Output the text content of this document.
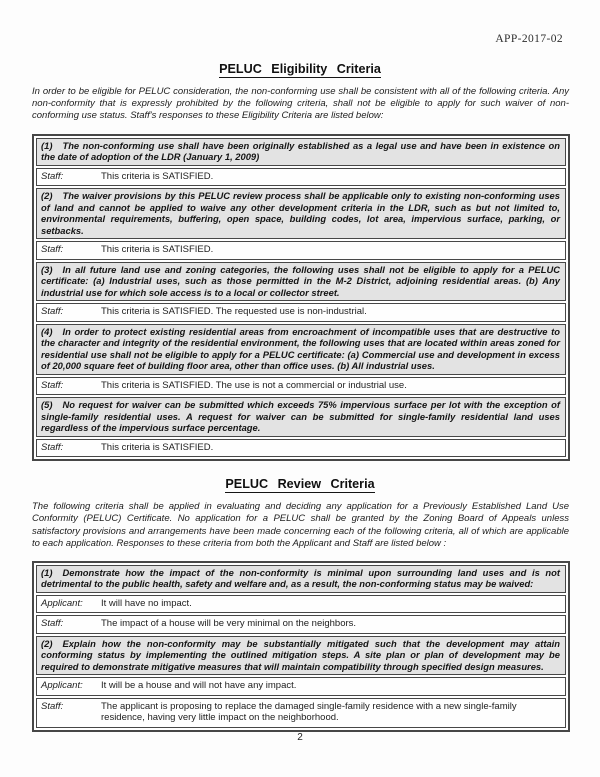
APP-2017-02
PELUC Eligibility Criteria

In order to be eligible for PELUC consideration, the non-conforming use shall be consistent with all of the following criteria. Any non-conformity that is expressly prohibited by the following criteria, shall not be eligible to apply for such waiver of non-conforming use status. Staff's responses to these Eligibility Criteria are listed below:

(1) The non-conforming use shall have been originally established as a legal use and have been in existence on the date of adoption of the LDR (January 1, 2009)
Staff:	This criteria is SATISFIED.
(2) The waiver provisions by this PELUC review process shall be applicable only to existing non-conforming uses of land and cannot be applied to waive any other development criteria in the LDR, such as but not limited to, environmental requirements, buffering, open space, building codes, lot area, impervious surface, parking, or setbacks.
Staff:	This criteria is SATISFIED.
(3) In all future land use and zoning categories, the following uses shall not be eligible to apply for a PELUC certificate: (a) Industrial uses, such as those permitted in the M-2 District, adjoining residential areas. (b) Any industrial use for which sole access is to a local or collector street.
Staff:	This criteria is SATISFIED. The requested use is non-industrial.
(4) In order to protect existing residential areas from encroachment of incompatible uses that are destructive to the character and integrity of the residential environment, the following uses that are located within areas zoned for residential use shall not be eligible to apply for a PELUC certificate: (a) Commercial use and development in excess of 20,000 square feet of building floor area, other than office uses. (b) All industrial uses.
Staff:	This criteria is SATISFIED. The use is not a commercial or industrial use.
(5) No request for waiver can be submitted which exceeds 75% impervious surface per lot with the exception of single-family residential uses. A request for waiver can be submitted for single-family residential land uses regardless of the impervious surface percentage.
Staff:	This criteria is SATISFIED.
PELUC Review Criteria

The following criteria shall be applied in evaluating and deciding any application for a Previously Established Land Use Conformity (PELUC) Certificate. No application for a PELUC shall be granted by the Zoning Board of Appeals unless satisfactory provisions and arrangements have been made concerning each of the following criteria, all of which are applicable to each application. Responses to these criteria from both the Applicant and Staff are listed below :

(1) Demonstrate how the impact of the non-conformity is minimal upon surrounding land uses and is not detrimental to the public health, safety and welfare and, as a result, the non-conforming status may be waived:
Applicant:	It will have no impact.
Staff:	The impact of a house will be very minimal on the neighbors.
(2) Explain how the non-conformity may be substantially mitigated such that the development may attain conforming status by implementing the outlined mitigation steps. A site plan or plan of development may be required to demonstrate mitigative measures that will maintain compatibility through specified design measures.
Applicant:	It will be a house and will not have any impact.
Staff:	The applicant is proposing to replace the damaged single-family residence with a new single-family residence, having very little impact on the neighborhood.
2
